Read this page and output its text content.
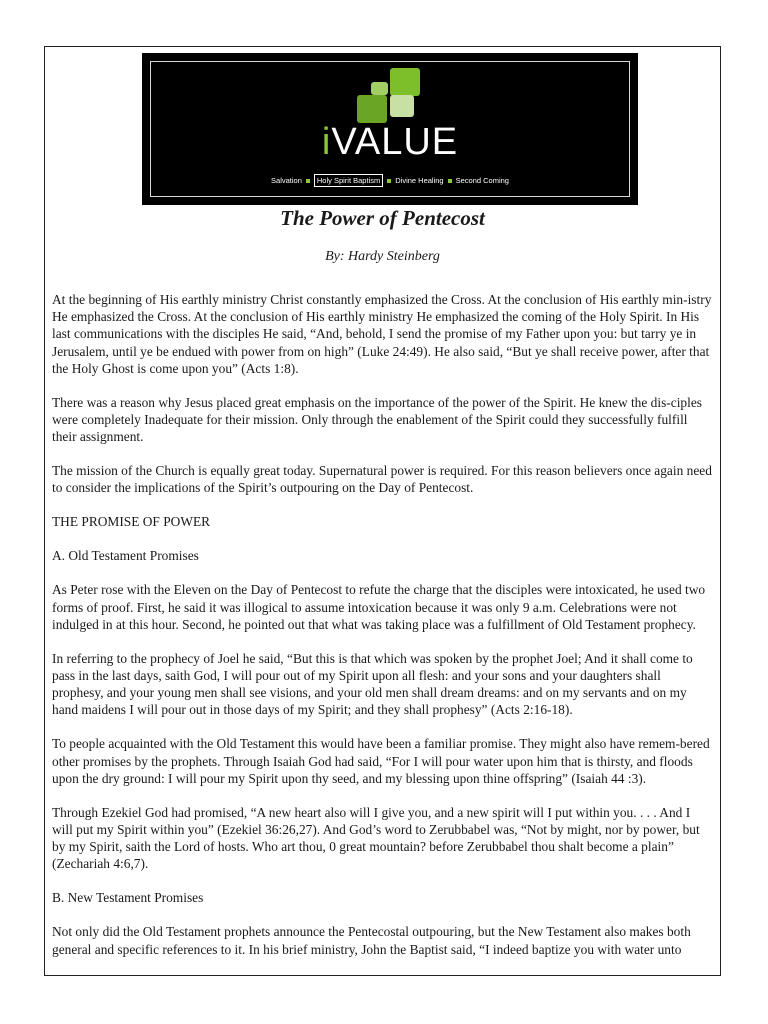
iVALUE
Salvation Holy Spirit Baptism Divine Healing Second Coming
The Power of Pentecost

By: Hardy Steinberg

At the beginning of His earthly ministry Christ constantly emphasized the Cross. At the conclusion of His earthly min-istry He emphasized the Cross. At the conclusion of His earthly ministry He emphasized the coming of the Holy Spirit. In His last communications with the disciples He said, “And, behold, I send the promise of my Father upon you: but tarry ye in Jerusalem, until ye be endued with power from on high” (Luke 24:49). He also said, “But ye shall receive power, after that the Holy Ghost is come upon you” (Acts 1:8).

There was a reason why Jesus placed great emphasis on the importance of the power of the Spirit. He knew the dis-ciples were completely Inadequate for their mission. Only through the enablement of the Spirit could they successfully fulfill their assignment.

The mission of the Church is equally great today. Supernatural power is required. For this reason believers once again need to consider the implications of the Spirit’s outpouring on the Day of Pentecost.

THE PROMISE OF POWER

A. Old Testament Promises

As Peter rose with the Eleven on the Day of Pentecost to refute the charge that the disciples were intoxicated, he used two forms of proof. First, he said it was illogical to assume intoxication because it was only 9 a.m. Celebrations were not indulged in at this hour. Second, he pointed out that what was taking place was a fulfillment of Old Testament prophecy.

In referring to the prophecy of Joel he said, “But this is that which was spoken by the prophet Joel; And it shall come to pass in the last days, saith God, I will pour out of my Spirit upon all flesh: and your sons and your daughters shall prophesy, and your young men shall see visions, and your old men shall dream dreams: and on my servants and on my hand maidens I will pour out in those days of my Spirit; and they shall prophesy” (Acts 2:16-18).

To people acquainted with the Old Testament this would have been a familiar promise. They might also have remem-bered other promises by the prophets. Through Isaiah God had said, “For I will pour water upon him that is thirsty, and floods upon the dry ground: I will pour my Spirit upon thy seed, and my blessing upon thine offspring” (Isaiah 44 :3).

Through Ezekiel God had promised, “A new heart also will I give you, and a new spirit will I put within you. . . . And I will put my Spirit within you” (Ezekiel 36:26,27). And God’s word to Zerubbabel was, “Not by might, nor by power, but by my Spirit, saith the Lord of hosts. Who art thou, 0 great mountain? before Zerubbabel thou shalt become a plain” (Zechariah 4:6,7).

B. New Testament Promises

Not only did the Old Testament prophets announce the Pentecostal outpouring, but the New Testament also makes both general and specific references to it. In his brief ministry, John the Baptist said, “I indeed baptize you with water unto
